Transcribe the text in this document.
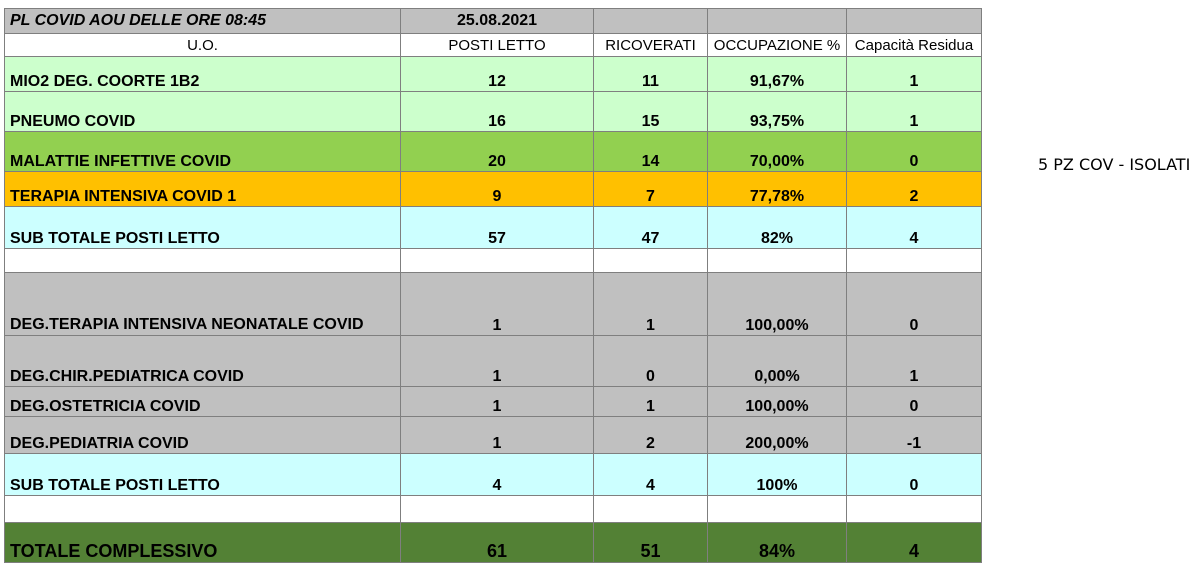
PL COVID AOU DELLE ORE 08:45	25.08.2021			
U.O.	POSTI LETTO	RICOVERATI	OCCUPAZIONE %	Capacità Residua
MIO2 DEG. COORTE 1B2	12	11	91,67%	1
PNEUMO COVID	16	15	93,75%	1
MALATTIE INFETTIVE COVID	20	14	70,00%	0
TERAPIA INTENSIVA COVID 1	9	7	77,78%	2
SUB TOTALE POSTI LETTO	57	47	82%	4

DEG.TERAPIA INTENSIVA NEONATALE COVID	1	1	100,00%	0
DEG.CHIR.PEDIATRICA COVID	1	0	0,00%	1
DEG.OSTETRICIA COVID	1	1	100,00%	0
DEG.PEDIATRIA COVID	1	2	200,00%	-1
SUB TOTALE POSTI LETTO	4	4	100%	0

TOTALE COMPLESSIVO	61	51	84%	4
5 PZ COV - ISOLATI
